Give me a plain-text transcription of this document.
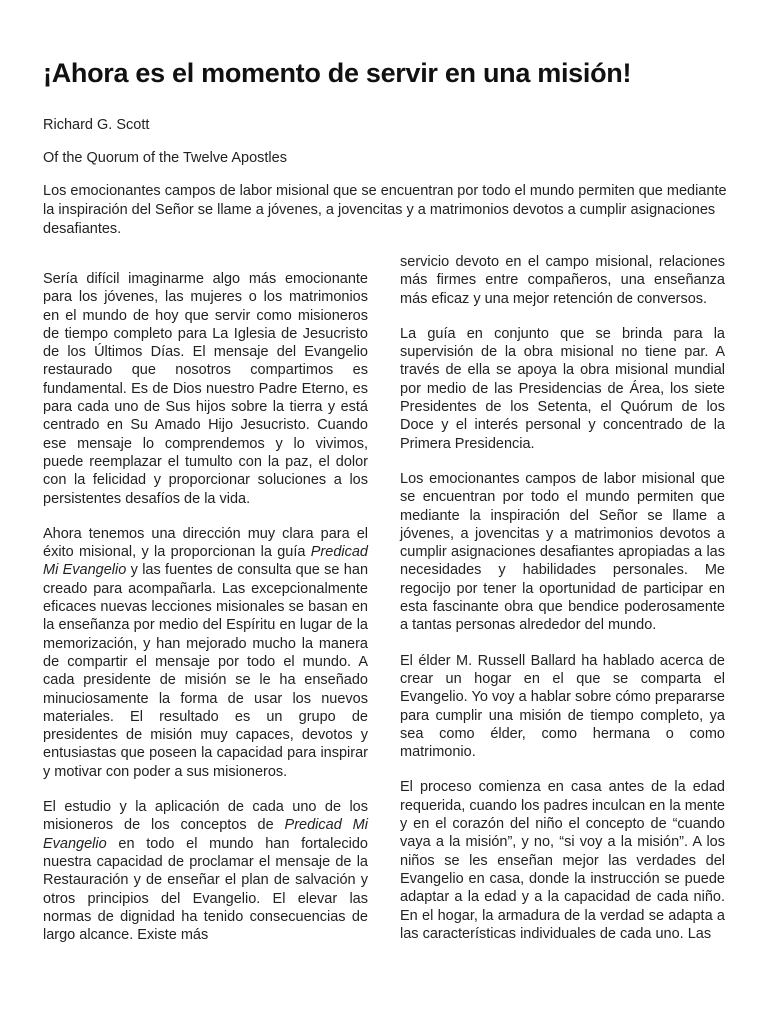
¡Ahora es el momento de servir en una misión!

Richard G. Scott

Of the Quorum of the Twelve Apostles

Los emocionantes campos de labor misional que se encuentran por todo el mundo permiten que mediante la inspiración del Señor se llame a jóvenes, a jovencitas y a matrimonios devotos a cumplir asignaciones desafiantes.

Sería difícil imaginarme algo más emocionante para los jóvenes, las mujeres o los matrimonios en el mundo de hoy que servir como misioneros de tiempo completo para La Iglesia de Jesucristo de los Últimos Días. El mensaje del Evangelio restaurado que nosotros compartimos es fundamental. Es de Dios nuestro Padre Eterno, es para cada uno de Sus hijos sobre la tierra y está centrado en Su Amado Hijo Jesucristo. Cuando ese mensaje lo comprendemos y lo vivimos, puede reemplazar el tumulto con la paz, el dolor con la felicidad y proporcionar soluciones a los persistentes desafíos de la vida.

Ahora tenemos una dirección muy clara para el éxito misional, y la proporcionan la guía Predicad Mi Evangelio y las fuentes de consulta que se han creado para acompañarla. Las excepcionalmente eficaces nuevas lecciones misionales se basan en la enseñanza por medio del Espíritu en lugar de la memorización, y han mejorado mucho la manera de compartir el mensaje por todo el mundo. A cada presidente de misión se le ha enseñado minuciosamente la forma de usar los nuevos materiales. El resultado es un grupo de presidentes de misión muy capaces, devotos y entusiastas que poseen la capacidad para inspirar y motivar con poder a sus misioneros.

El estudio y la aplicación de cada uno de los misioneros de los conceptos de Predicad Mi Evangelio en todo el mundo han fortalecido nuestra capacidad de proclamar el mensaje de la Restauración y de enseñar el plan de salvación y otros principios del Evangelio. El elevar las normas de dignidad ha tenido consecuencias de largo alcance. Existe más

servicio devoto en el campo misional, relaciones más firmes entre compañeros, una enseñanza más eficaz y una mejor retención de conversos.

La guía en conjunto que se brinda para la supervisión de la obra misional no tiene par. A través de ella se apoya la obra misional mundial por medio de las Presidencias de Área, los siete Presidentes de los Setenta, el Quórum de los Doce y el interés personal y concentrado de la Primera Presidencia.

Los emocionantes campos de labor misional que se encuentran por todo el mundo permiten que mediante la inspiración del Señor se llame a jóvenes, a jovencitas y a matrimonios devotos a cumplir asignaciones desafiantes apropiadas a las necesidades y habilidades personales. Me regocijo por tener la oportunidad de participar en esta fascinante obra que bendice poderosamente a tantas personas alrededor del mundo.

El élder M. Russell Ballard ha hablado acerca de crear un hogar en el que se comparta el Evangelio. Yo voy a hablar sobre cómo prepararse para cumplir una misión de tiempo completo, ya sea como élder, como hermana o como matrimonio.

El proceso comienza en casa antes de la edad requerida, cuando los padres inculcan en la mente y en el corazón del niño el concepto de “cuando vaya a la misión”, y no, “si voy a la misión”. A los niños se les enseñan mejor las verdades del Evangelio en casa, donde la instrucción se puede adaptar a la edad y a la capacidad de cada niño. En el hogar, la armadura de la verdad se adapta a las características individuales de cada uno. Las
